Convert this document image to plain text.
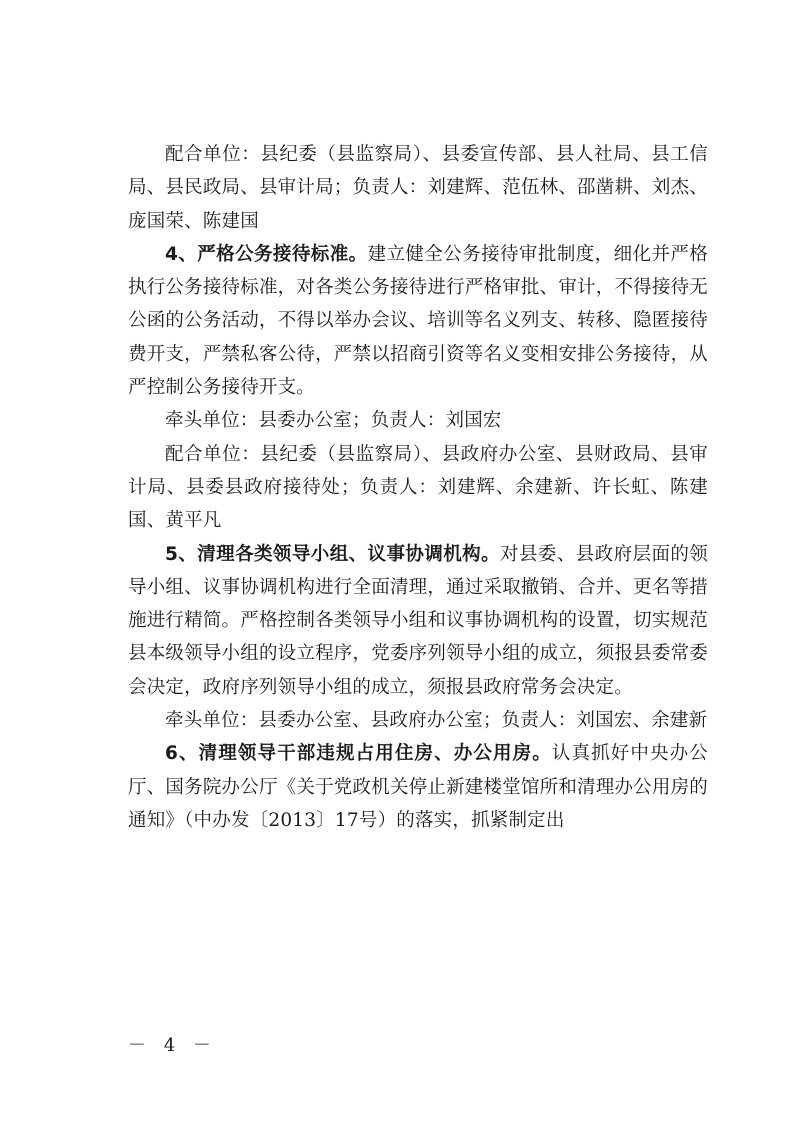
配合单位：县纪委（县监察局）、县委宣传部、县人社局、县工信局、县民政局、县审计局；负责人：刘建辉、范伍林、邵凿耕、刘杰、庞国荣、陈建国

4、严格公务接待标准。建立健全公务接待审批制度，细化并严格执行公务接待标准，对各类公务接待进行严格审批、审计，不得接待无公函的公务活动，不得以举办会议、培训等名义列支、转移、隐匿接待费开支，严禁私客公待，严禁以招商引资等名义变相安排公务接待，从严控制公务接待开支。

牵头单位：县委办公室；负责人：刘国宏

配合单位：县纪委（县监察局）、县政府办公室、县财政局、县审计局、县委县政府接待处；负责人：刘建辉、余建新、许长虹、陈建国、黄平凡

5、清理各类领导小组、议事协调机构。对县委、县政府层面的领导小组、议事协调机构进行全面清理，通过采取撤销、合并、更名等措施进行精简。严格控制各类领导小组和议事协调机构的设置，切实规范县本级领导小组的设立程序，党委序列领导小组的成立，须报县委常委会决定，政府序列领导小组的成立，须报县政府常务会决定。

牵头单位：县委办公室、县政府办公室；负责人：刘国宏、余建新

6、清理领导干部违规占用住房、办公用房。认真抓好中央办公厅、国务院办公厅《关于党政机关停止新建楼堂馆所和清理办公用房的通知》（中办发〔2013〕17号）的落实，抓紧制定出

－ 4 －
